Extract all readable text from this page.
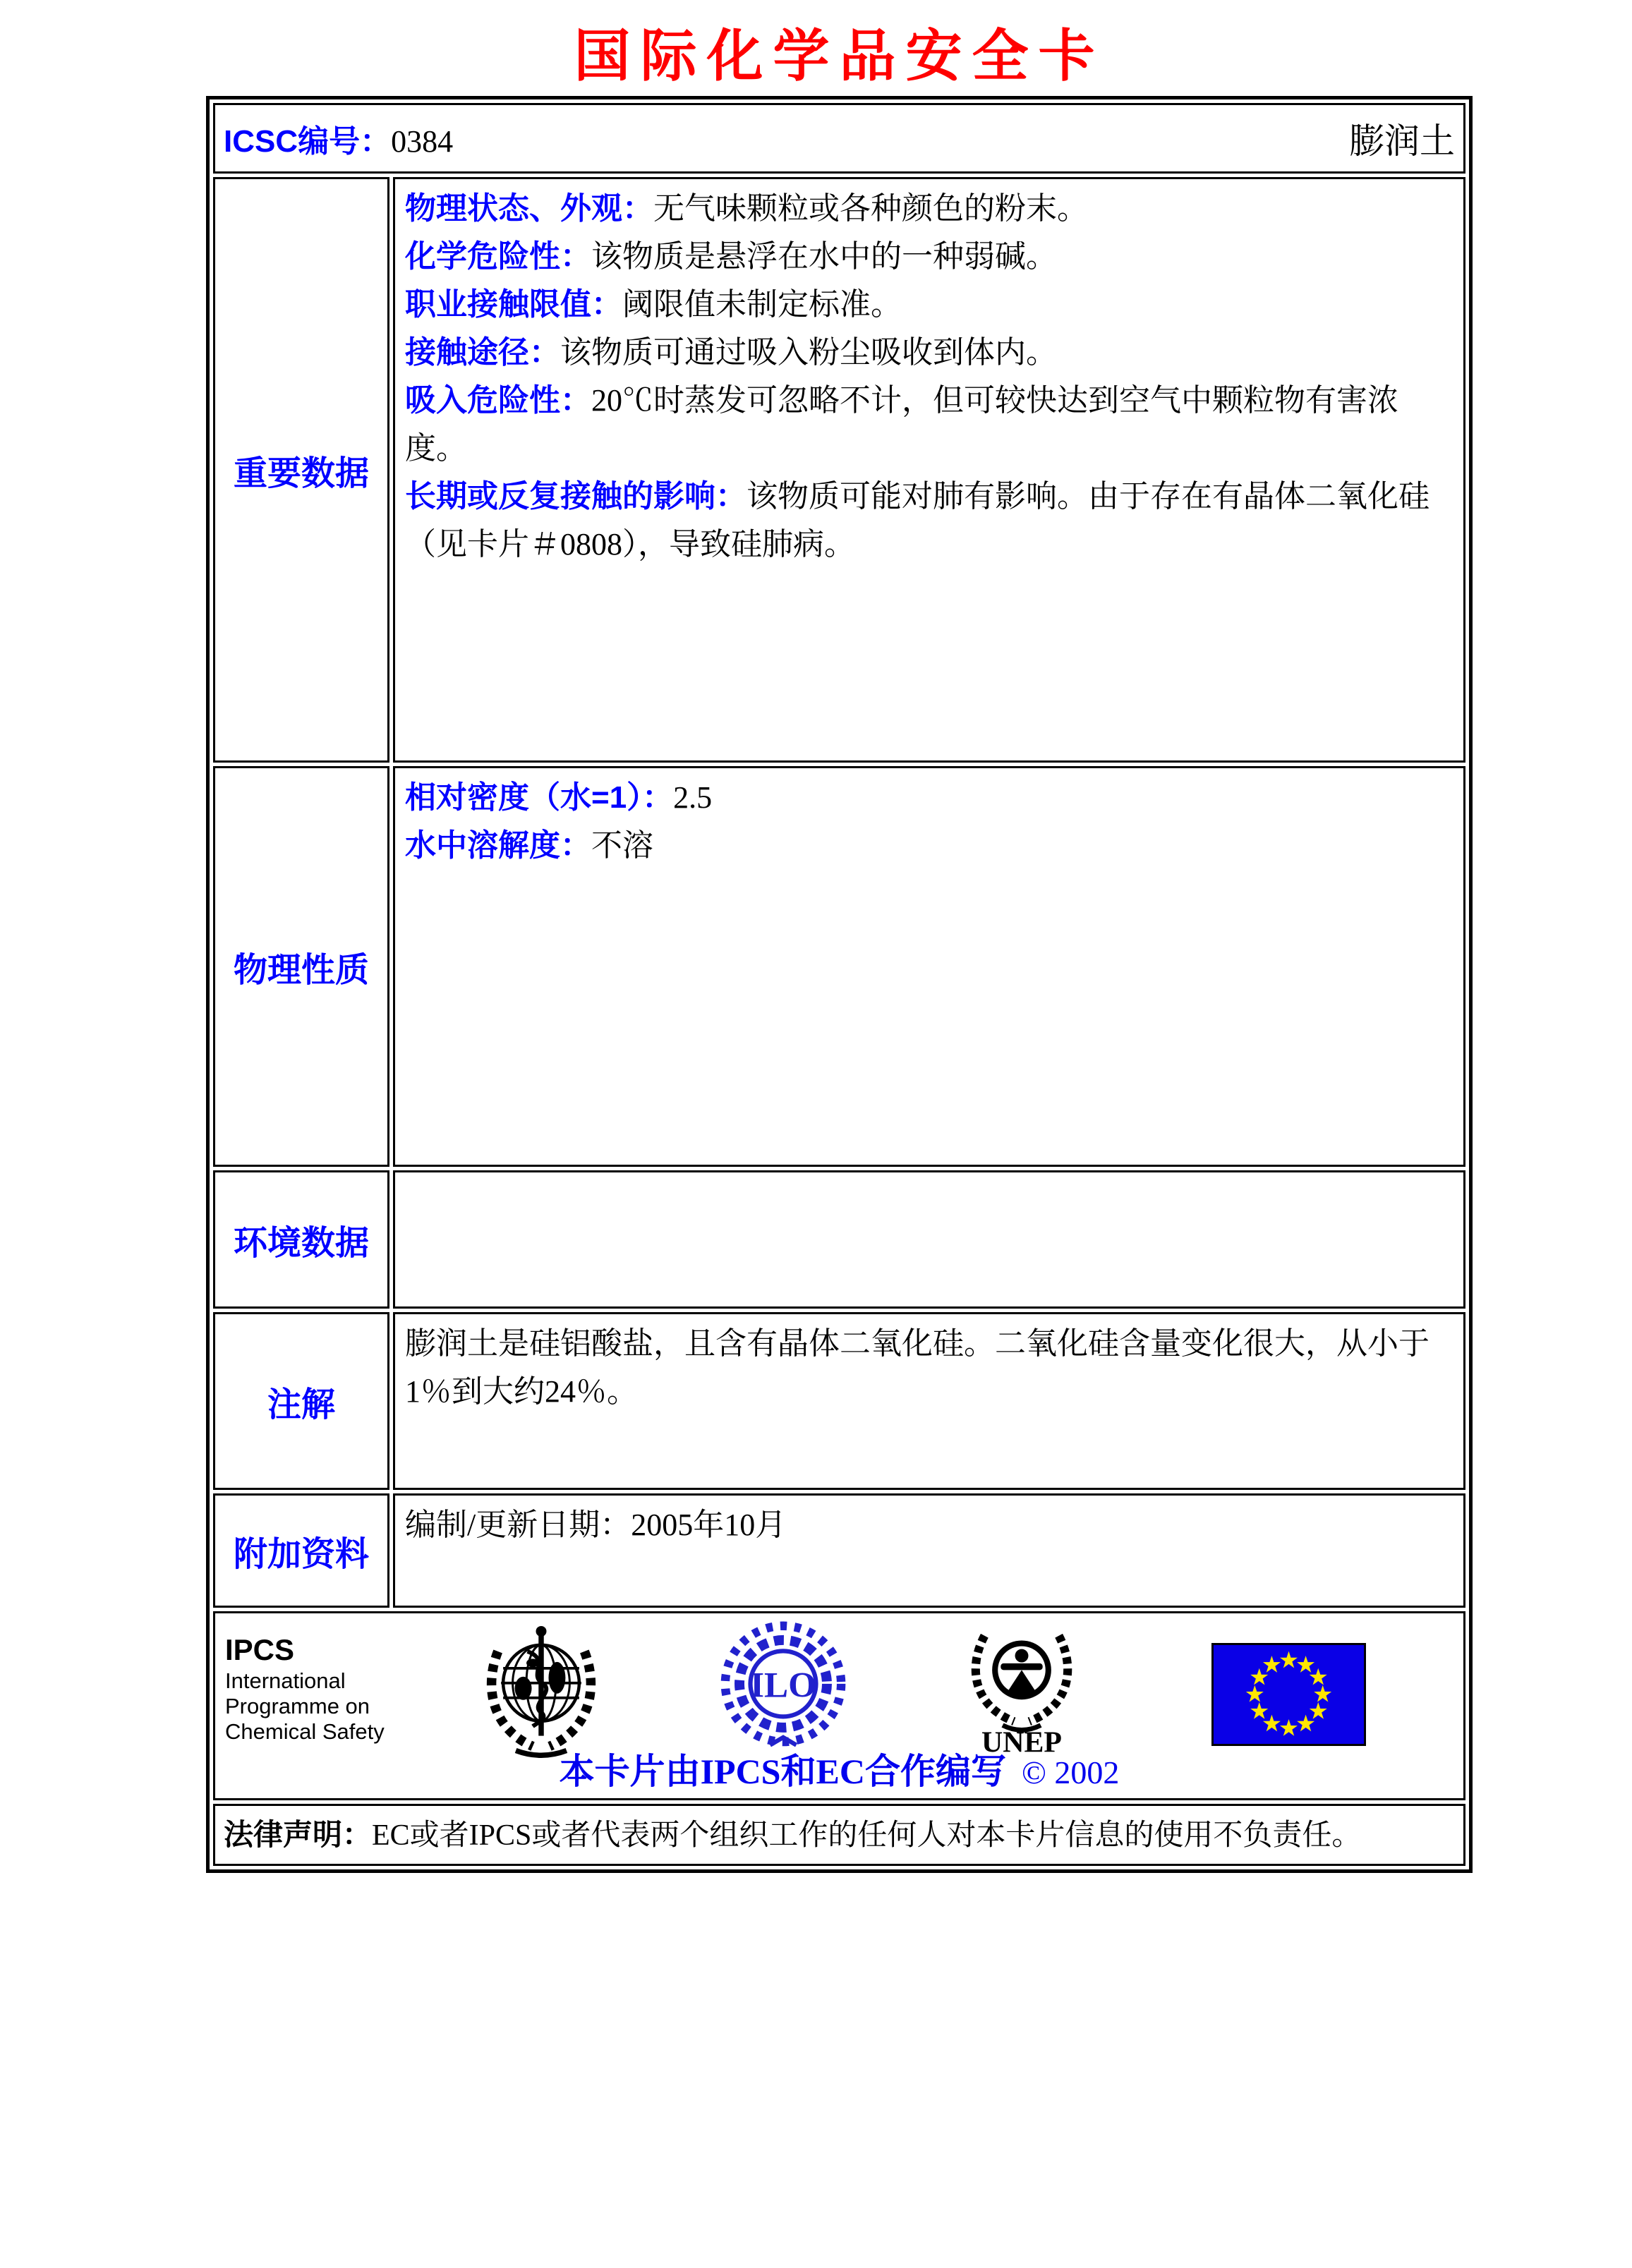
国际化学品安全卡
ICSC编号：0384 膨润土	

重要数据	
物理状态、外观：无气味颗粒或各种颜色的粉末。
化学危险性：该物质是悬浮在水中的一种弱碱。
职业接触限值：阈限值未制定标准。
接触途径：该物质可通过吸入粉尘吸收到体内。
吸入危险性：20℃时蒸发可忽略不计，但可较快达到空气中颗粒物有害浓度。
长期或反复接触的影响：该物质可能对肺有影响。由于存在有晶体二氧化硅（见卡片＃0808），导致硅肺病。

物理性质	相对密度（水=1）：2.5
水中溶解度：不溶

环境数据	
注解	膨润土是硅铝酸盐，且含有晶体二氧化硅。二氧化硅含量变化很大，从小于1％到大约24％。

附加资料	编制/更新日期：2005年10月

IPCS
International
Programme on
Chemical Safety
ILO
UNEP
本卡片由IPCS和EC合作编写 © 2002

法律声明：EC或者IPCS或者代表两个组织工作的任何人对本卡片信息的使用不负责任。	
